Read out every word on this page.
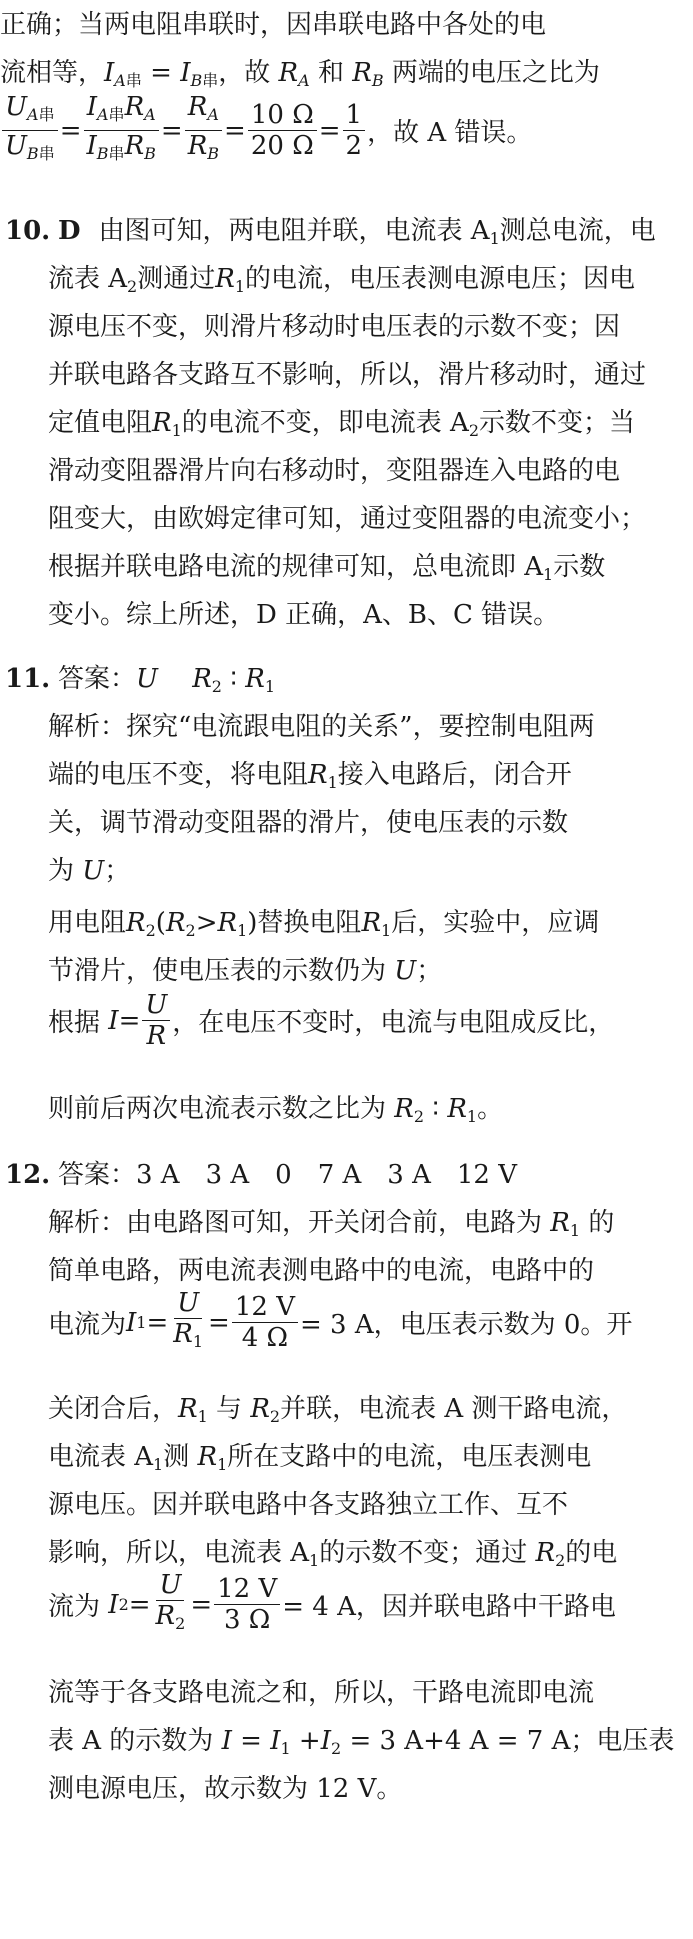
正确；当两电阻串联时，因串联电路中各处的电
流相等，$I_{A串} = I_{B串}$，故 $R_A$ 和 $R_B$ 两端的电压之比为
$\frac{U_{A串}}{U_{B串}} = \frac{I_{A串}R_A}{I_{B串}R_B} = \frac{R_A}{R_B} = \frac{10 \Omega}{20 \Omega} = \frac{1}{2}$ ，故 A 错误。
10. D 由图可知，两电阻并联，电流表 $A_1$测总电流，电
流表 $A_2$测通过$R_1$的电流，电压表测电源电压；因电
源电压不变，则滑片移动时电压表的示数不变；因
并联电路各支路互不影响，所以，滑片移动时，通过
定值电阻$R_1$的电流不变，即电流表 $A_2$示数不变；当
滑动变阻器滑片向右移动时，变阻器连入电路的电
阻变大，由欧姆定律可知，通过变阻器的电流变小；
根据并联电路电流的规律可知，总电流即 $A_1$示数
变小。综上所述，D 正确，A、B、C 错误。
11. 答案：U　 $R_2$ ∶ $R_1$
解析：探究“电流跟电阻的关系”，要控制电阻两
端的电压不变，将电阻$R_1$接入电路后，闭合开
关，调节滑动变阻器的滑片，使电压表的示数
为 U；
用电阻$R_2(R_2>R_1)$替换电阻$R_1$后，实验中，应调
节滑片，使电压表的示数仍为 U；
根据
$I = \frac{U}{R}$ ，在电压不变时，电流与电阻成反比，
则前后两次电流表示数之比为 $R_2$ ∶ $R_1$。
12. 答案：3 A　3 A　0　7 A　3 A　12 V
解析：由电路图可知，开关闭合前，电路为 $R_1$ 的
简单电路，两电流表测电路中的电流，电路中的
电流为 I $1 = \frac{U}{R_1} = \frac{12 V}{4 \Omega} = 3$ A，电压表示数为 0。开
关闭合后，$R_1$ 与 $R_2$并联，电流表 A 测干路电流，
电流表 $A_1$测 $R_1$所在支路中的电流，电压表测电
源电压。因并联电路中各支路独立工作、互不
影响，所以，电流表 $A_1$的示数不变；通过 $R_2$的电
流为
I $2 = \frac{U}{R_2} = \frac{12 V}{3 \Omega} = 4$ A，因并联电路中干路电
流等于各支路电流之和，所以，干路电流即电流
表 A 的示数为 $I = I_1 +I_2 = 3$ A+4 A = 7 A；电压表
测电源电压，故示数为 12 V。
